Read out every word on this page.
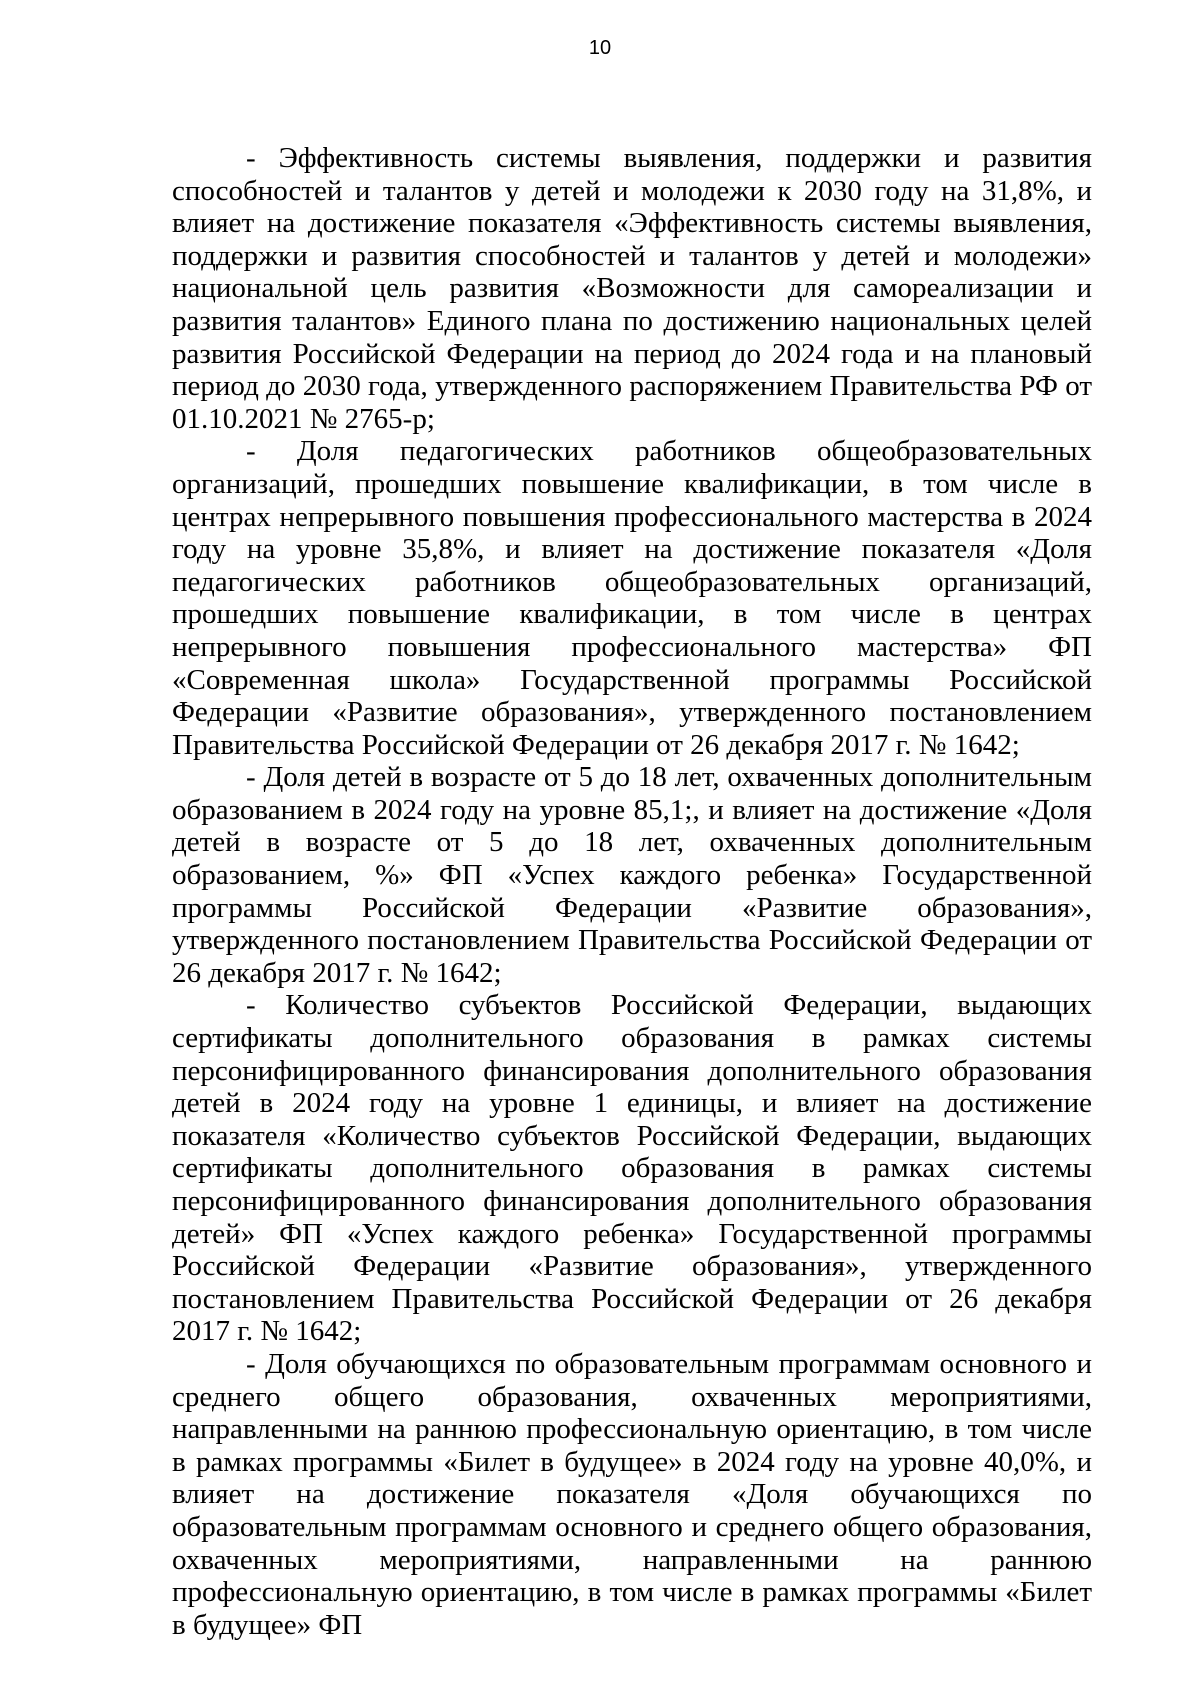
10

- Эффективность системы выявления, поддержки и развития способностей и талантов у детей и молодежи к 2030 году на 31,8%, и влияет на достижение показателя «Эффективность системы выявления, поддержки и развития способностей и талантов у детей и молодежи» национальной цель развития «Возможности для самореализации и развития талантов» Единого плана по достижению национальных целей развития Российской Федерации на период до 2024 года и на плановый период до 2030 года, утвержденного распоряжением Правительства РФ от 01.10.2021 № 2765-р;

- Доля педагогических работников общеобразовательных организаций, прошедших повышение квалификации, в том числе в центрах непрерывного повышения профессионального мастерства в 2024 году на уровне 35,8%, и влияет на достижение показателя «Доля педагогических работников общеобразовательных организаций, прошедших повышение квалификации, в том числе в центрах непрерывного повышения профессионального мастерства» ФП «Современная школа» Государственной программы Российской Федерации «Развитие образования», утвержденного постановлением Правительства Российской Федерации от 26 декабря 2017 г. № 1642;

- Доля детей в возрасте от 5 до 18 лет, охваченных дополнительным образованием в 2024 году на уровне 85,1;, и влияет на достижение «Доля детей в возрасте от 5 до 18 лет, охваченных дополнительным образованием, %» ФП «Успех каждого ребенка» Государственной программы Российской Федерации «Развитие образования», утвержденного постановлением Правительства Российской Федерации от 26 декабря 2017 г. № 1642;

- Количество субъектов Российской Федерации, выдающих сертификаты дополнительного образования в рамках системы персонифицированного финансирования дополнительного образования детей в 2024 году на уровне 1 единицы, и влияет на достижение показателя «Количество субъектов Российской Федерации, выдающих сертификаты дополнительного образования в рамках системы персонифицированного финансирования дополнительного образования детей» ФП «Успех каждого ребенка» Государственной программы Российской Федерации «Развитие образования», утвержденного постановлением Правительства Российской Федерации от 26 декабря 2017 г. № 1642;

- Доля обучающихся по образовательным программам основного и среднего общего образования, охваченных мероприятиями, направленными на раннюю профессиональную ориентацию, в том числе в рамках программы «Билет в будущее» в 2024 году на уровне 40,0%, и влияет на достижение показателя «Доля обучающихся по образовательным программам основного и среднего общего образования, охваченных мероприятиями, направленными на раннюю профессиональную ориентацию, в том числе в рамках программы «Билет в будущее» ФП
